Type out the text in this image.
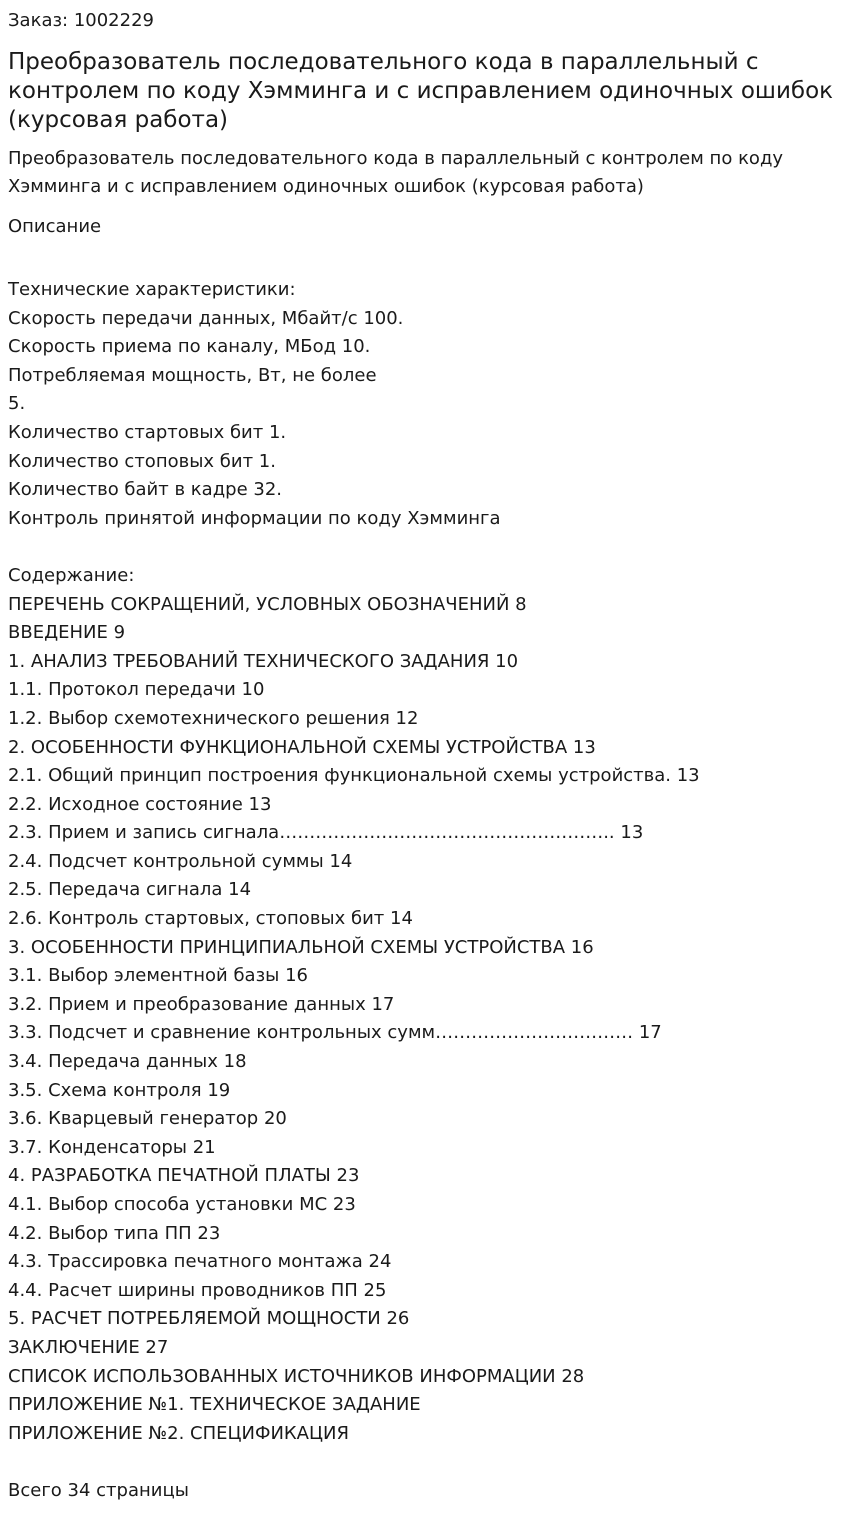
Заказ: 1002229
Преобразователь последовательного кода в параллельный с контролем по коду Хэмминга и с исправлением одиночных ошибок (курсовая работа)
Преобразователь последовательного кода в параллельный с контролем по коду Хэмминга и с исправлением одиночных ошибок (курсовая работа)
Описание
Технические характеристики:
Скорость передачи данных, Мбайт/с 100.
Скорость приема по каналу, МБод 10.
Потребляемая мощность, Вт, не более
5.
Количество стартовых бит 1.
Количество стоповых бит 1.
Количество байт в кадре 32.
Контроль принятой информации по коду Хэмминга
Содержание:
ПЕРЕЧЕНЬ СОКРАЩЕНИЙ, УСЛОВНЫХ ОБОЗНАЧЕНИЙ 8
ВВЕДЕНИЕ 9
1. АНАЛИЗ ТРЕБОВАНИЙ ТЕХНИЧЕСКОГО ЗАДАНИЯ 10
1.1. Протокол передачи 10
1.2. Выбор схемотехнического решения 12
2. ОСОБЕННОСТИ ФУНКЦИОНАЛЬНОЙ СХЕМЫ УСТРОЙСТВА 13
2.1. Общий принцип построения функциональной схемы устройства. 13
2.2. Исходное состояние 13
2.3. Прием и запись сигнала……………………………………………….. 13
2.4. Подсчет контрольной суммы 14
2.5. Передача сигнала 14
2.6. Контроль стартовых, стоповых бит 14
3. ОСОБЕННОСТИ ПРИНЦИПИАЛЬНОЙ СХЕМЫ УСТРОЙСТВА 16
3.1. Выбор элементной базы 16
3.2. Прием и преобразование данных 17
3.3. Подсчет и сравнение контрольных сумм…………………………… 17
3.4. Передача данных 18
3.5. Схема контроля 19
3.6. Кварцевый генератор 20
3.7. Конденсаторы 21
4. РАЗРАБОТКА ПЕЧАТНОЙ ПЛАТЫ 23
4.1. Выбор способа установки МС 23
4.2. Выбор типа ПП 23
4.3. Трассировка печатного монтажа 24
4.4. Расчет ширины проводников ПП 25
5. РАСЧЕТ ПОТРЕБЛЯЕМОЙ МОЩНОСТИ 26
ЗАКЛЮЧЕНИЕ 27
СПИСОК ИСПОЛЬЗОВАННЫХ ИСТОЧНИКОВ ИНФОРМАЦИИ 28
ПРИЛОЖЕНИЕ №1. ТЕХНИЧЕСКОЕ ЗАДАНИЕ
ПРИЛОЖЕНИЕ №2. СПЕЦИФИКАЦИЯ
Всего 34 страницы
